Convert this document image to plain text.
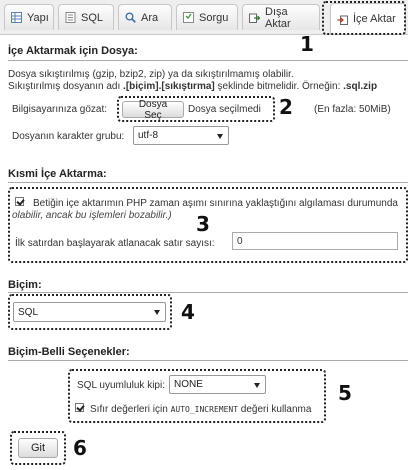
Yapı	SQL	Ara	Sorgu	Dışa Aktar	İçe Aktar
1
İçe Aktarmak için Dosya:
Dosya sıkıştırılmış (gzip, bzip2, zip) ya da sıkıştırılmamış olabilir.
Sıkıştırılmış dosyanın adı .[biçim].[sıkıştırma] şeklinde bitmelidir. Örneğin: .sql.zip
Bilgisayarınıza gözat:	Dosya Seç	Dosya seçilmedi 2 (En fazla: 50MiB)
Dosyanın karakter grubu: utf-8
Kısmi İçe Aktarma:
Betiğin içe aktarımın PHP zaman aşımı sınırına yaklaştığını algılaması durumunda
olabilir, ancak bu işlemleri bozabilir.) 3
İlk satırdan başlayarak atlanacak satır sayısı:
0
Biçim:
SQL	4
Biçim-Belli Seçenekler:
SQL uyumluluk kipi: NONE
Sıfır değerleri için AUTO_INCREMENT değeri kullanma
5
Git	6
